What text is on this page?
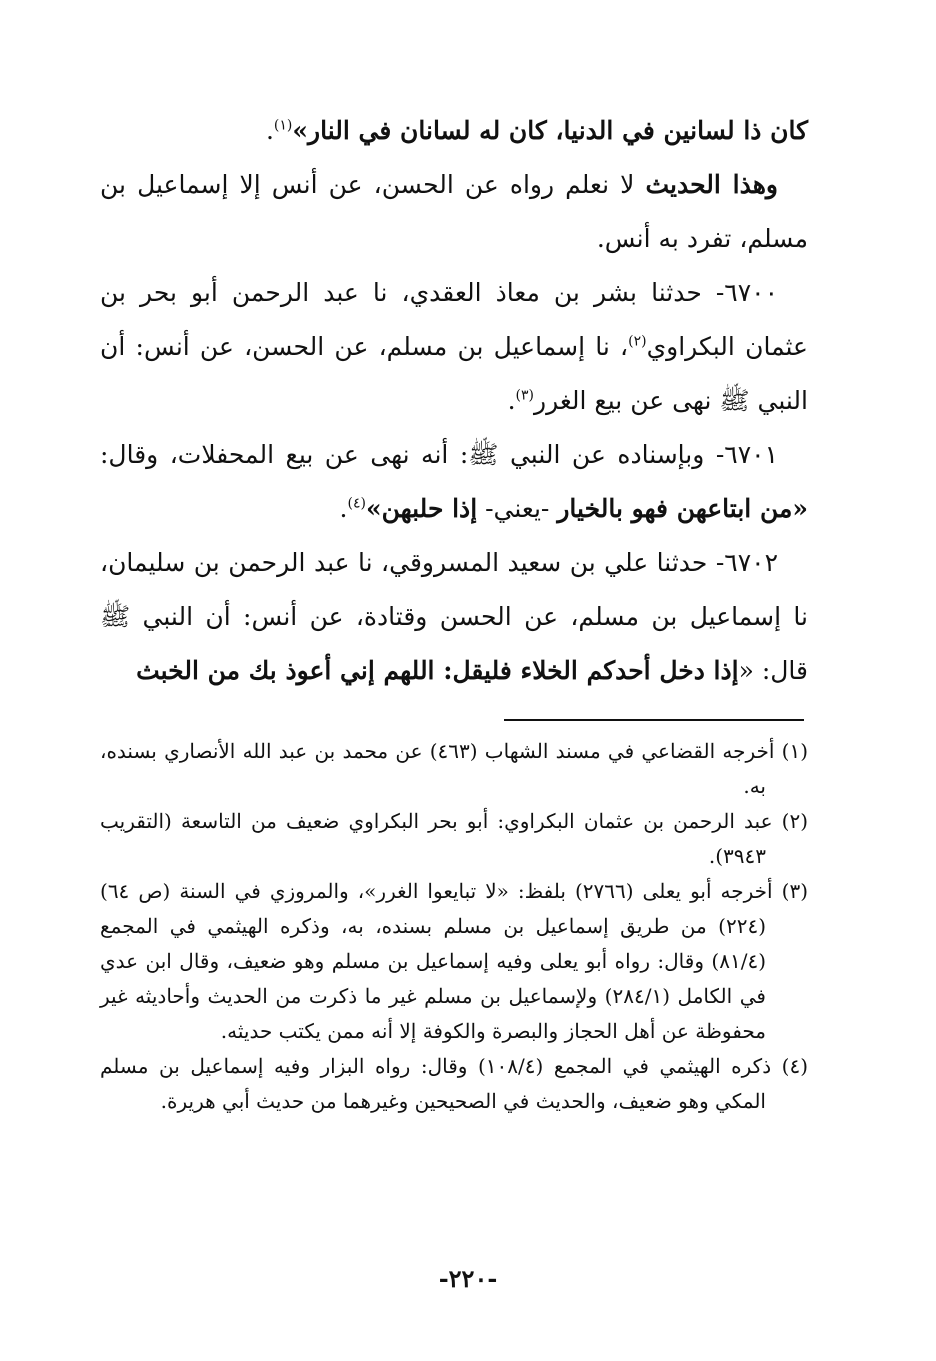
كان ذا لسانين في الدنيا، كان له لسانان في النار»$^{(١)}$.

وهذا الحديث لا نعلم رواه عن الحسن، عن أنس إلا إسماعيل بن مسلم، تفرد به أنس.

٦٧٠٠- حدثنا بشر بن معاذ العقدي، نا عبد الرحمن أبو بحر بن عثمان البكراوي$^{(٢)}$، نا إسماعيل بن مسلم، عن الحسن، عن أنس: أن النبي ﷺ نهى عن بيع الغرر$^{(٣)}$.

٦٧٠١- وبإسناده عن النبي ﷺ: أنه نهى عن بيع المحفلات، وقال: «من ابتاعهن فهو بالخيار -يعني- إذا حلبهن»$^{(٤)}$.

٦٧٠٢- حدثنا علي بن سعيد المسروقي، نا عبد الرحمن بن سليمان، نا إسماعيل بن مسلم، عن الحسن وقتادة، عن أنس: أن النبي ﷺ قال: «إذا دخل أحدكم الخلاء فليقل: اللهم إني أعوذ بك من الخبث

(١) أخرجه القضاعي في مسند الشهاب (٤٦٣) عن محمد بن عبد الله الأنصاري بسنده، به.

(٢) عبد الرحمن بن عثمان البكراوي: أبو بحر البكراوي ضعيف من التاسعة (التقريب ٣٩٤٣).

(٣) أخرجه أبو يعلى (٢٧٦٦) بلفظ: «لا تبايعوا الغرر»، والمروزي في السنة (ص ٦٤) (٢٢٤) من طريق إسماعيل بن مسلم بسنده، به، وذكره الهيثمي في المجمع (٨١/٤) وقال: رواه أبو يعلى وفيه إسماعيل بن مسلم وهو ضعيف، وقال ابن عدي في الكامل (٢٨٤/١) ولإسماعيل بن مسلم غير ما ذكرت من الحديث وأحاديثه غير محفوظة عن أهل الحجاز والبصرة والكوفة إلا أنه ممن يكتب حديثه.

(٤) ذكره الهيثمي في المجمع (١٠٨/٤) وقال: رواه البزار وفيه إسماعيل بن مسلم المكي وهو ضعيف، والحديث في الصحيحين وغيرهما من حديث أبي هريرة.

-٢٢٠-
